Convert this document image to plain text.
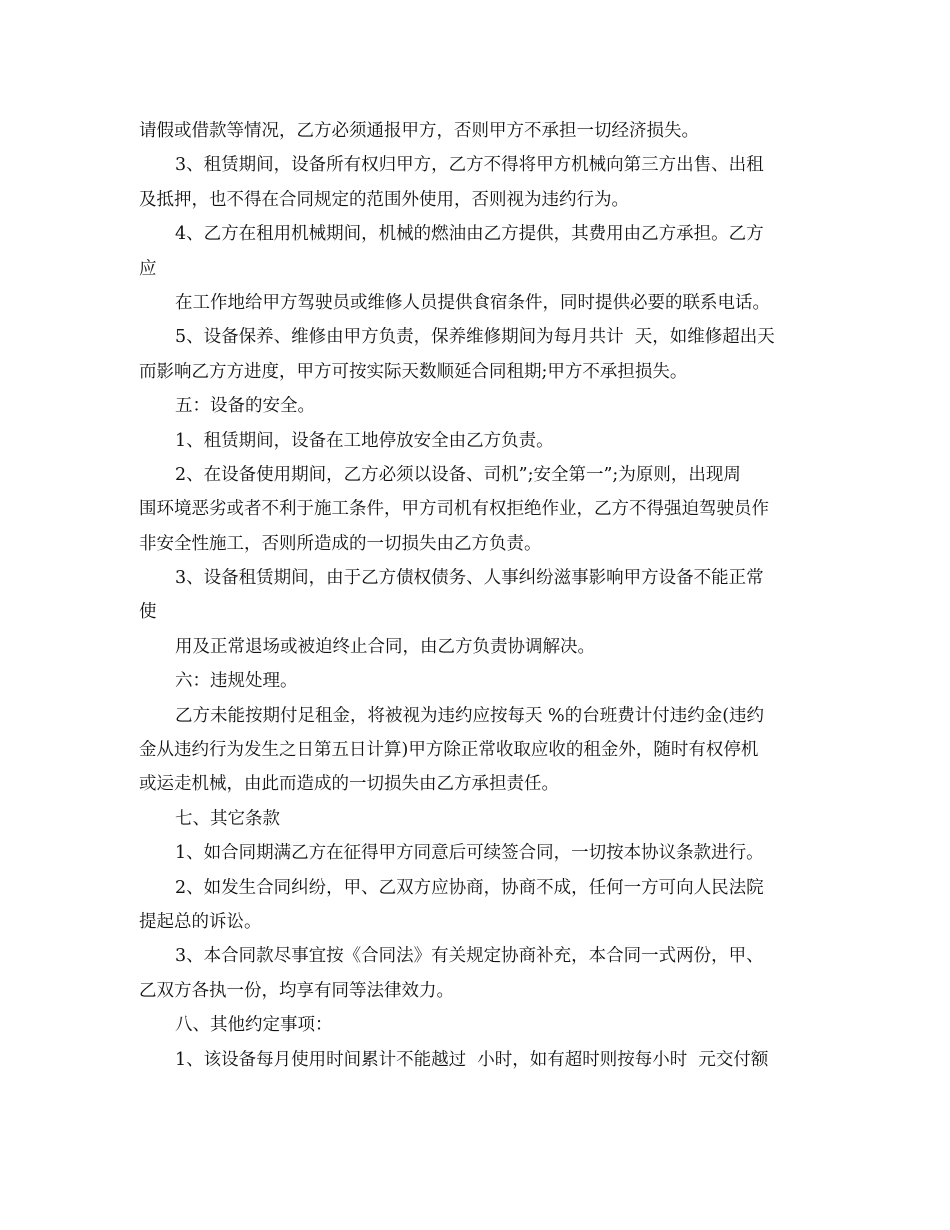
请假或借款等情况，乙方必须通报甲方，否则甲方不承担一切经济损失。
3、租赁期间，设备所有权归甲方，乙方不得将甲方机械向第三方出售、出租
及抵押，也不得在合同规定的范围外使用，否则视为违约行为。
4、乙方在租用机械期间，机械的燃油由乙方提供，其费用由乙方承担。乙方
应
在工作地给甲方驾驶员或维修人员提供食宿条件，同时提供必要的联系电话。
5、设备保养、维修由甲方负责，保养维修期间为每月共计  天，如维修超出天
而影响乙方方进度，甲方可按实际天数顺延合同租期;甲方不承担损失。
五：设备的安全。
1、租赁期间，设备在工地停放安全由乙方负责。
2、在设备使用期间，乙方必须以设备、司机”;安全第一”;为原则，出现周
围环境恶劣或者不利于施工条件，甲方司机有权拒绝作业，乙方不得强迫驾驶员作
非安全性施工，否则所造成的一切损失由乙方负责。
3、设备租赁期间，由于乙方债权债务、人事纠纷滋事影响甲方设备不能正常
使
用及正常退场或被迫终止合同，由乙方负责协调解决。
六：违规处理。
乙方未能按期付足租金，将被视为违约应按每天 %的台班费计付违约金(违约
金从违约行为发生之日第五日计算)甲方除正常收取应收的租金外，随时有权停机
或运走机械，由此而造成的一切损失由乙方承担责任。
七、其它条款
1、如合同期满乙方在征得甲方同意后可续签合同，一切按本协议条款进行。
2、如发生合同纠纷，甲、乙双方应协商，协商不成，任何一方可向人民法院
提起总的诉讼。
3、本合同款尽事宜按《合同法》有关规定协商补充，本合同一式两份，甲、
乙双方各执一份，均享有同等法律效力。
八、其他约定事项：
1、该设备每月使用时间累计不能越过  小时，如有超时则按每小时  元交付额
